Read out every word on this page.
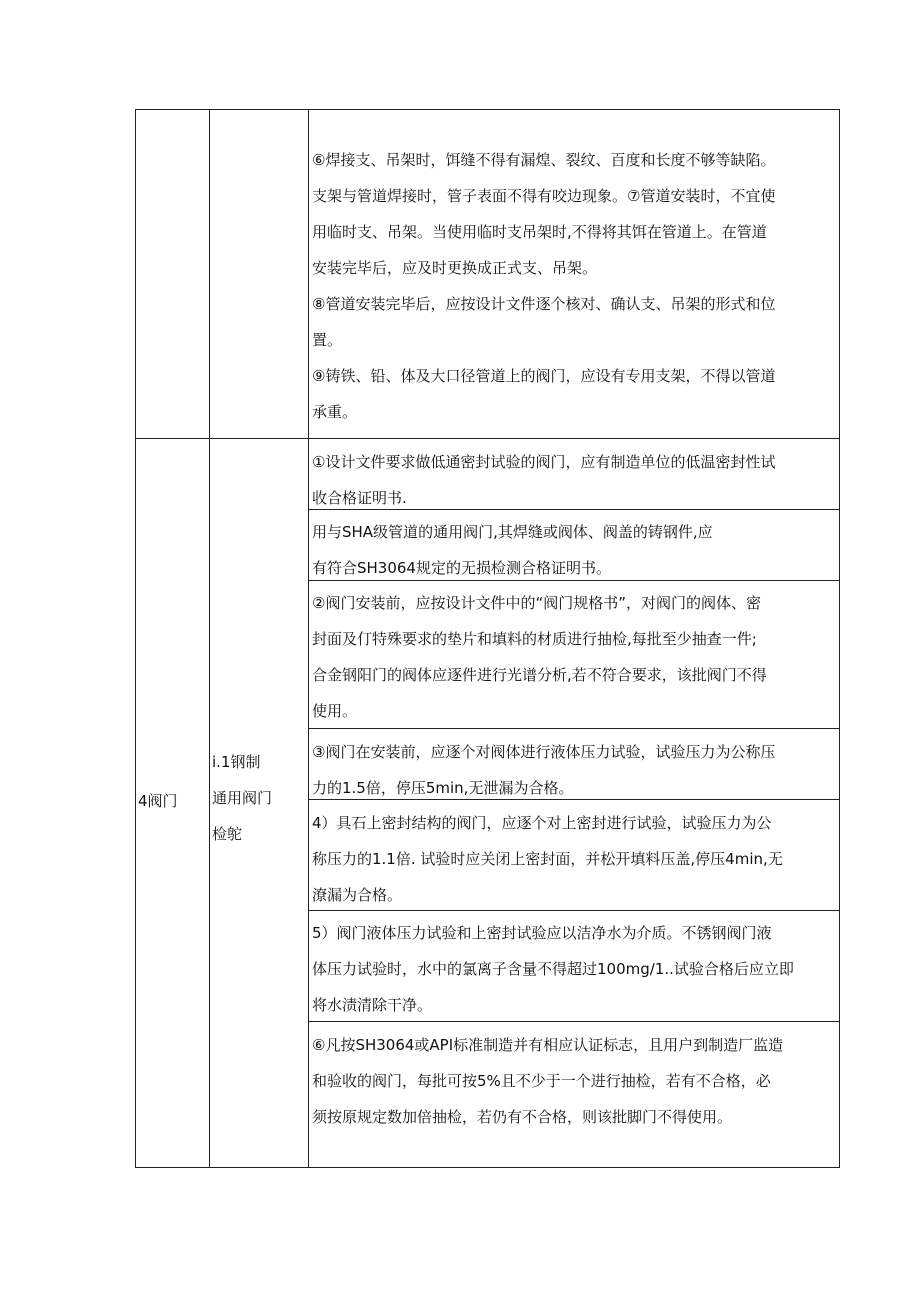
⑥焊接支、吊架时，饵缝不得有漏煌、裂纹、百度和长度不够等缺陷。

支架与管道焊接时，管子表面不得有咬边现象。⑦管道安装时，不宜使

用临时支、吊架。当使用临时支吊架时,不得将其饵在管道上。在管道

安装完毕后，应及时更换成正式支、吊架。

⑧管道安装完毕后，应按设计文件逐个核对、确认支、吊架的形式和位

置。

⑨铸铁、铅、体及大口径管道上的阀门，应设有专用支架，不得以管道

承重。

4阀门

i.1钢制

通用阀门

检鸵

①设计文件要求做低通密封试验的阀门，应有制造单位的低温密封性试

收合格证明书.

用与SHA级管道的通用阀门,其焊缝或阀体、阀盖的铸钢件,应

有符合SH3064规定的无损检测合格证明书。

②阀门安装前，应按设计文件中的“阀门规格书”，对阀门的阀体、密

封面及仃特殊要求的垫片和填料的材质进行抽检,每批至少抽查一件;

合金钢阳门的阀体应逐件进行光谱分析,若不符合要求，该批阀门不得

使用。

③阀门在安装前，应逐个对阀体进行液体压力试验，试验压力为公称压

力的1.5倍，停压5min,无泄漏为合格。

4）具石上密封结构的阀门，应逐个对上密封进行试验，试验压力为公

称压力的1.1倍. 试验时应关闭上密封面，并松开填料压盖,停压4min,无

潦漏为合格。

5）阀门液体压力试验和上密封试验应以洁净水为介质。不锈钢阀门液

体压力试验时，水中的氯离子含量不得超过100mg∕1..试验合格后应立即

将水渍清除干净。

⑥凡按SH3064或API标准制造并有相应认证标志，且用户到制造厂监造

和验收的阀门，每批可按5%且不少于一个进行抽检，若有不合格，必

须按原规定数加倍抽检，若仍有不合格，则该批脚门不得使用。
